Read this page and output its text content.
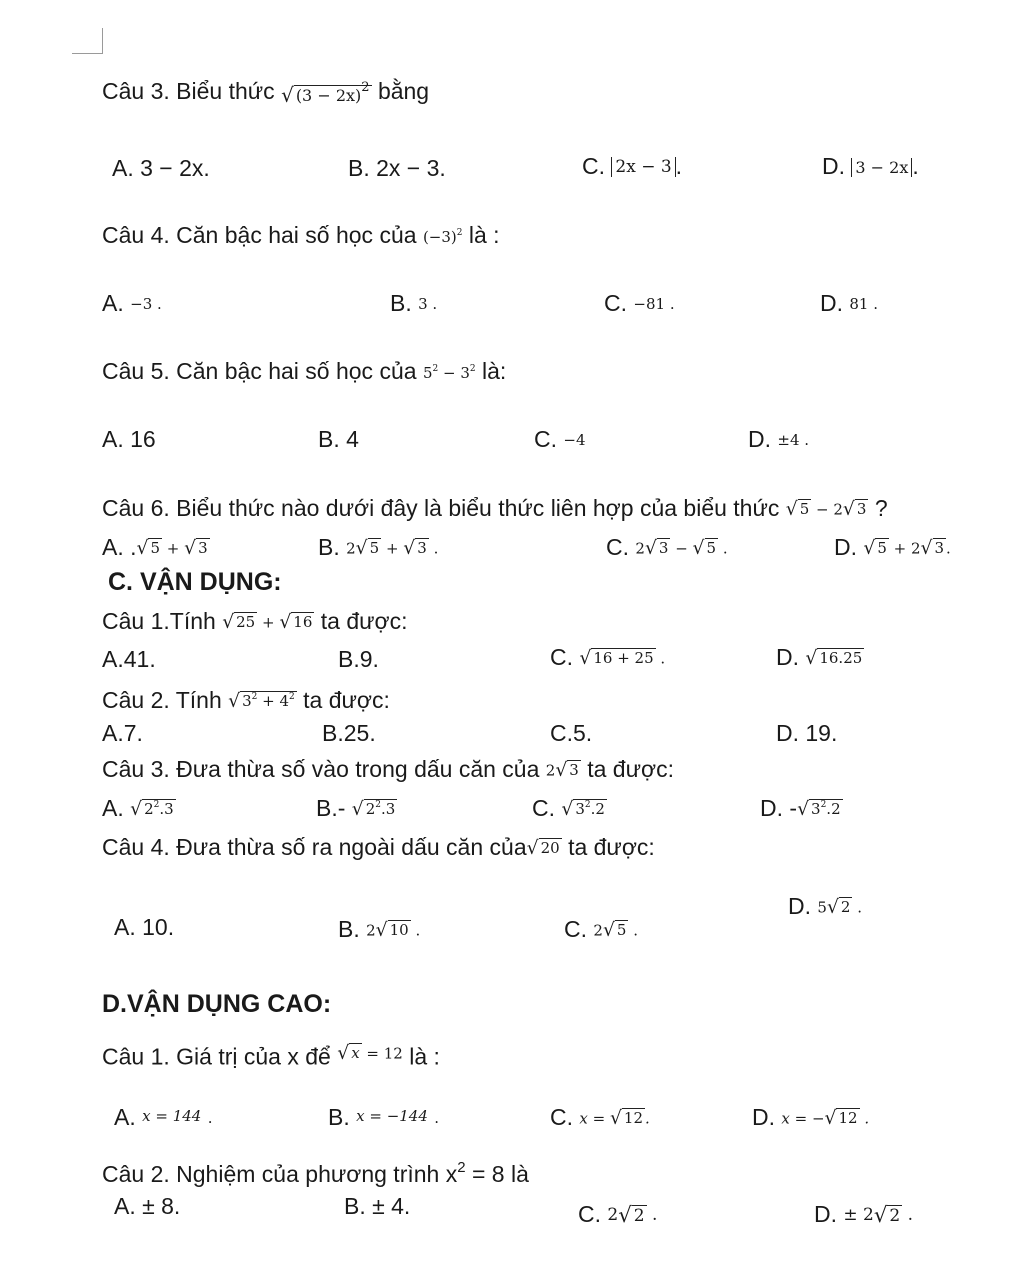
Câu 3. Biểu thức √ $(3 - 2x)^2$ bằng
A. 3 − 2x.	B. 2x − 3.	C. 2x − 3 .	D. 3 − 2x .
Câu 4. Căn bậc hai số học của $(-3)^2$ là :
A. −3 .	B. 3 .	C. −81 .	D. 81 .
Câu 5. Căn bậc hai số học của $5^2 - 3^2$ là:
A. 16	B. 4	C. −4	D. ±4 .
Câu 6. Biểu thức nào dưới đây là biểu thức liên hợp của biểu thức √ 5 − 2√ 3 ?
A. .√ 5 + √ 3	B. 2√ 5 + √ 3 .	C. 2√ 3 − √ 5 .	D. √ 5 + 2√ 3 .
C. VẬN DỤNG:
Câu 1.Tính √ 25 + √ 16 ta được:
A.41.	B.9.	C. √ 16 + 25 .	D. √ 16.25
Câu 2. Tính √ $3^2 + 4^2$ ta được:
A.7.	B.25.	C.5.	D. 19.
Câu 3. Đưa thừa số vào trong dấu căn của 2√ 3 ta được:
A. √ $2^2.3$	B.- √ $2^2.3$	C. √ $3^2.2$	D. -√ $3^2.2$
Câu 4. Đưa thừa số ra ngoài dấu căn của√ 20 ta được:
D. 5√ 2 .
A. 10.	B. 2√ 10 .	C. 2√ 5 .
D.VẬN DỤNG CAO:
Câu 1. Giá trị của x để √ x = 12 là :
A. x = 144 .	B. x = −144 .	C. x = √ 12 .	D. x = −√ 12 .
Câu 2. Nghiệm của phương trình $x^2 = 8$ là
A. ± 8.	B. ± 4.	C. 2√ 2 .	D. ± 2√ 2 .
